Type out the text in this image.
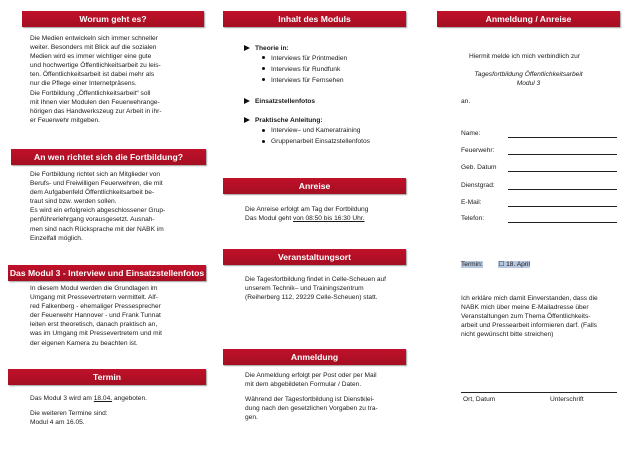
Worum geht es?

Die Medien entwickeln sich immer schneller

weiter. Besonders mit Blick auf die sozialen

Medien wird es immer wichtiger eine gute

und hochwertige Öffentlichkeitsarbeit zu leis-

ten. Öffentlichkeitsarbeit ist dabei mehr als

nur die Pflege einer Internetpräsens.

Die Fortbildung „Öffentlichkeitsarbeit“ soll

mit Ihnen vier Modulen den Feuerwehrange-

hörigen das Handwerkszeug zur Arbeit in ihr-

er Feuerwehr mitgeben.

An wen richtet sich die Fortbildung?

Die Fortbildung richtet sich an Mitglieder von

Berufs- und Freiwilligen Feuerwehren, die mit

dem Aufgabenfeld Öffentlichkeitsarbeit be-

traut sind bzw. werden sollen.

Es wird ein erfolgreich abgeschlossener Grup-

penführerlehrgang vorausgesetzt. Ausnah-

men sind nach Rücksprache mit der NABK im

Einzelfall möglich.

Das Modul 3 - Interview und Einsatzstellenfotos

In diesem Modul werden die Grundlagen im

Umgang mit Pressevertretern vermittelt. Alf-

red Falkenberg - ehemaliger Pressesprecher

der Feuerwehr Hannover - und Frank Tunnat

leiten erst theoretisch, danach praktisch an,

was im Umgang mit Pressevertretern und mit

der eigenen Kamera zu beachten ist.

Termin

Das Modul 3 wird am 18.04. angeboten.

Die weiteren Termine sind:

Modul 4 am 16.05.

Inhalt des Moduls

Theorie in:

Interviews für Printmedien

Interviews für Rundfunk

Interviews für Fernsehen

Einsatzstellenfotos

Praktische Anleitung:

Interview– und Kameratraining

Gruppenarbeit Einsatzstellenfotos

Anreise

Die Anreise erfolgt am Tag der Fortbildung

Das Modul geht von 08:50 bis 16:30 Uhr.

Veranstaltungsort

Die Tagesfortbildung findet in Celle-Scheuen auf

unserem Technik– und Trainingszentrum

(Reiherberg 112, 29229 Celle-Scheuen) statt.

Anmeldung

Die Anmeldung erfolgt per Post oder per Mail

mit dem abgebildeten Formular / Daten.

Während der Tagesfortbildung ist Dienstklei-

dung nach den gesetzlichen Vorgaben zu tra-

gen.

Anmeldung / Anreise

Hiermit melde ich mich verbindlich zur

Tagesfortbildung Öffentlichkeitsarbeit

Modul 3

an.

Name:
Feuerwehr:
Geb. Datum
Dienstgrad:
E-Mail:
Telefon:
Termin: ☐ 18. April

Ich erkläre mich damit Einverstanden, dass die

NABK mich über meine E-Mailadresse über

Veranstaltungen zum Thema Öffentlichkeits-

arbeit und Pressearbeit informieren darf. (Falls

nicht gewünscht bitte streichen)

Ort, Datum	Unterschrift
